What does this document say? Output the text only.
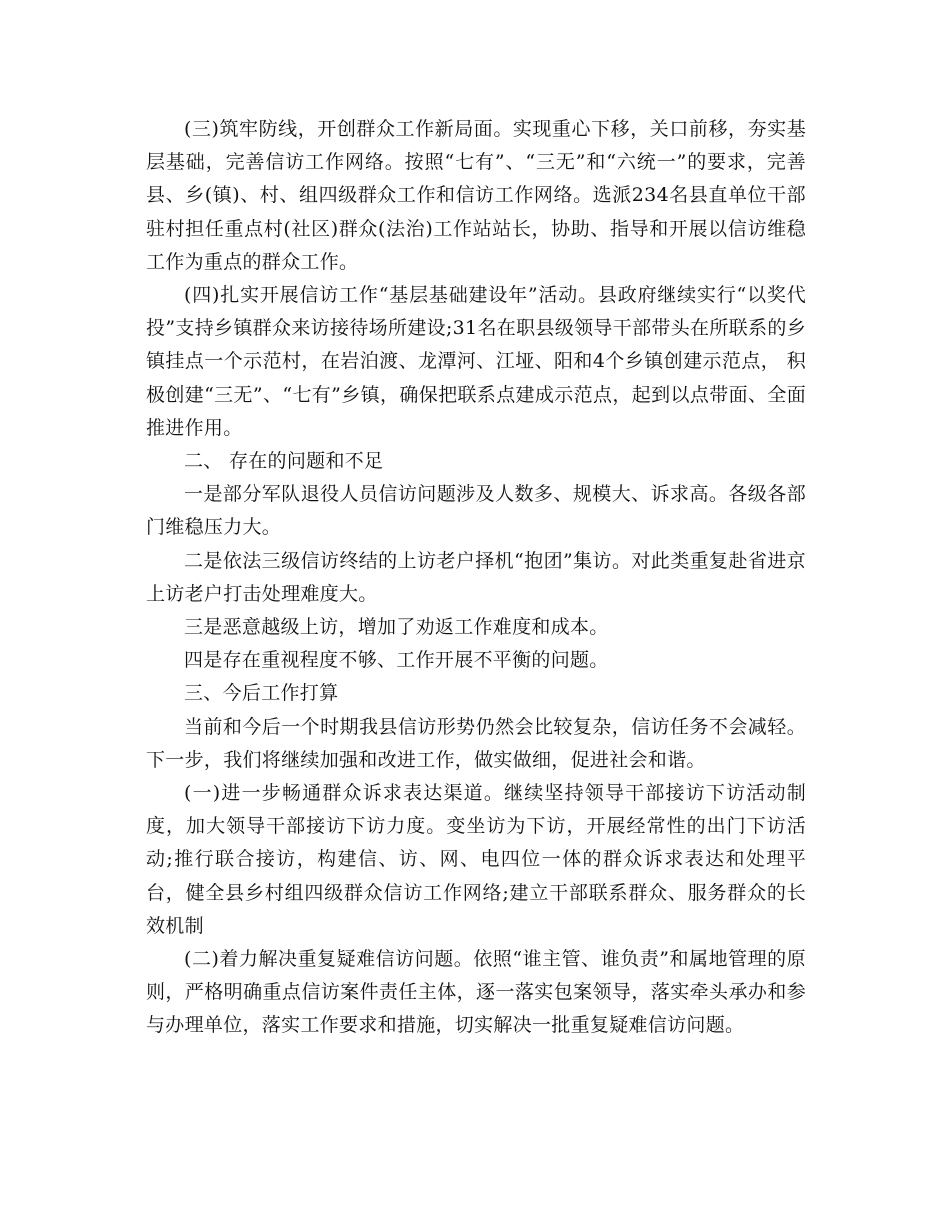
(三)筑牢防线，开创群众工作新局面。实现重心下移，关口前移，夯实基层基础，完善信访工作网络。按照“七有”、“三无”和“六统一”的要求，完善县、乡(镇)、村、组四级群众工作和信访工作网络。选派234名县直单位干部驻村担任重点村(社区)群众(法治)工作站站长，协助、指导和开展以信访维稳工作为重点的群众工作。

(四)扎实开展信访工作“基层基础建设年”活动。县政府继续实行“以奖代投”支持乡镇群众来访接待场所建设;31名在职县级领导干部带头在所联系的乡镇挂点一个示范村，在岩泊渡、龙潭河、江垭、阳和4个乡镇创建示范点， 积极创建“三无”、“七有”乡镇，确保把联系点建成示范点，起到以点带面、全面推进作用。

二、 存在的问题和不足

一是部分军队退役人员信访问题涉及人数多、规模大、诉求高。各级各部门维稳压力大。

二是依法三级信访终结的上访老户择机“抱团”集访。对此类重复赴省进京上访老户打击处理难度大。

三是恶意越级上访，增加了劝返工作难度和成本。

四是存在重视程度不够、工作开展不平衡的问题。

三、今后工作打算

当前和今后一个时期我县信访形势仍然会比较复杂，信访任务不会减轻。下一步，我们将继续加强和改进工作，做实做细，促进社会和谐。

(一)进一步畅通群众诉求表达渠道。继续坚持领导干部接访下访活动制度，加大领导干部接访下访力度。变坐访为下访，开展经常性的出门下访活动;推行联合接访，构建信、访、网、电四位一体的群众诉求表达和处理平台，健全县乡村组四级群众信访工作网络;建立干部联系群众、服务群众的长效机制

(二)着力解决重复疑难信访问题。依照“谁主管、谁负责”和属地管理的原则，严格明确重点信访案件责任主体，逐一落实包案领导，落实牵头承办和参与办理单位，落实工作要求和措施，切实解决一批重复疑难信访问题。
